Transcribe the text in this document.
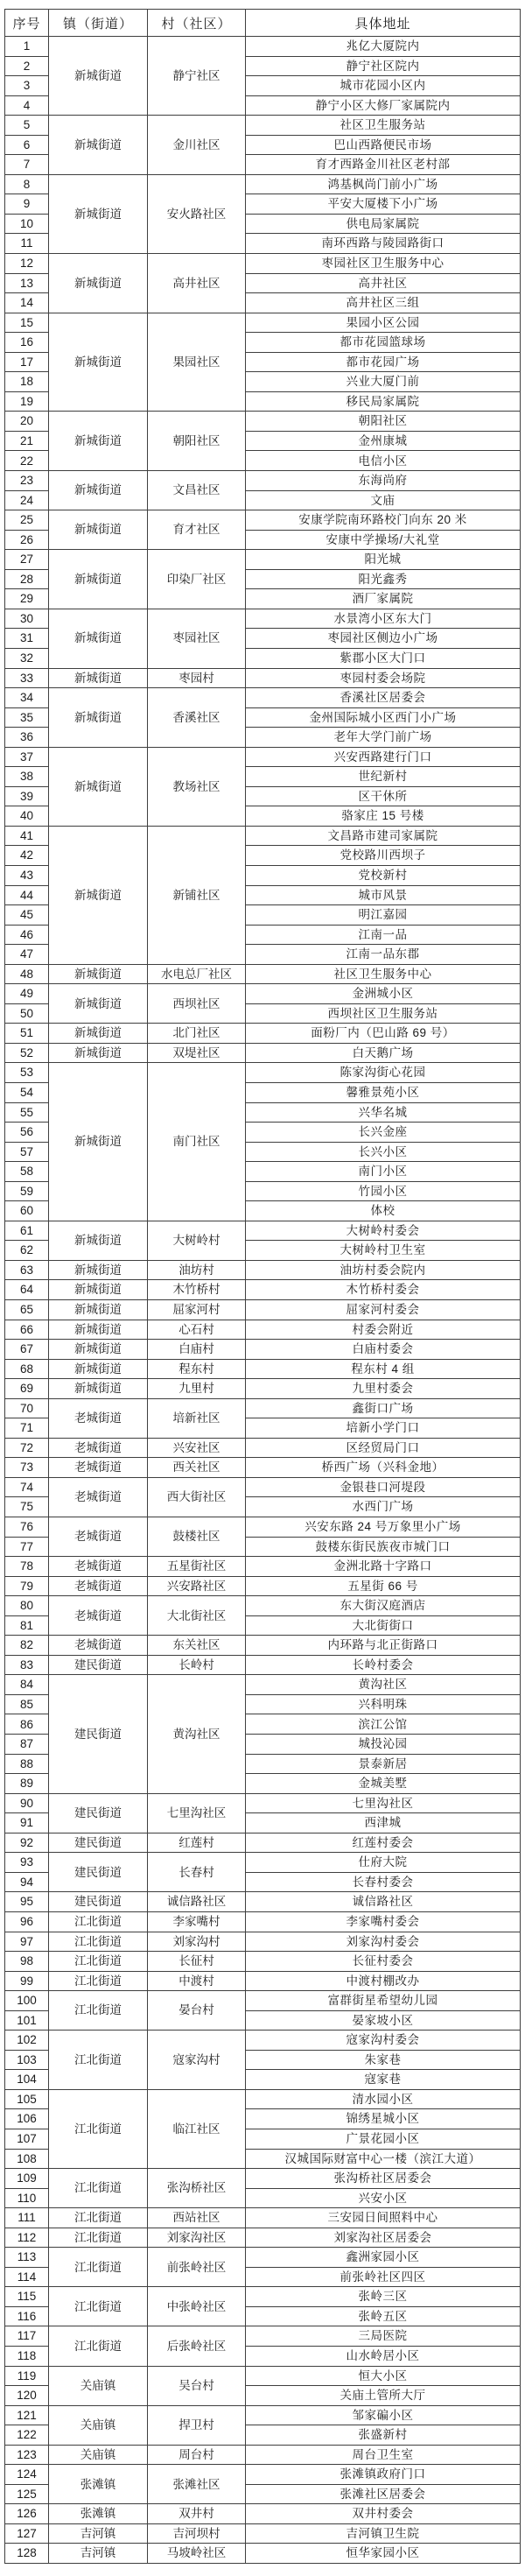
序号	镇（街道）	村（社区）	具体地址
1	新城街道	静宁社区	兆亿大厦院内
2			静宁社区院内
3			城市花园小区内
4			静宁小区大修厂家属院内
5	新城街道	金川社区	社区卫生服务站
6			巴山西路便民市场
7			育才西路金川社区老村部
8	新城街道	安火路社区	鸿基枫尚门前小广场
9			平安大厦楼下小广场
10			供电局家属院
11			南环西路与陵园路街口
12	新城街道	高井社区	枣园社区卫生服务中心
13			高井社区
14			高井社区三组
15	新城街道	果园社区	果园小区公园
16			都市花园篮球场
17			都市花园广场
18			兴业大厦门前
19			移民局家属院
20	新城街道	朝阳社区	朝阳社区
21			金州康城
22			电信小区
23	新城街道	文昌社区	东海尚府
24			文庙
25	新城街道	育才社区	安康学院南环路校门向东 20 米
26			安康中学操场/大礼堂
27	新城街道	印染厂社区	阳光城
28			阳光鑫秀
29			酒厂家属院
30	新城街道	枣园社区	水景湾小区东大门
31			枣园社区侧边小广场
32			紫郡小区大门口
33	新城街道	枣园村	枣园村委会场院
34	新城街道	香溪社区	香溪社区居委会
35			金州国际城小区西门小广场
36			老年大学门前广场
37	新城街道	教场社区	兴安西路建行门口
38			世纪新村
39			区干休所
40			骆家庄 15 号楼
41	新城街道	新铺社区	文昌路市建司家属院
42			党校路川西坝子
43			党校新村
44			城市风景
45			明江嘉园
46			江南一品
47			江南一品东郡
48	新城街道	水电总厂社区	社区卫生服务中心
49	新城街道	西坝社区	金洲城小区
50			西坝社区卫生服务站
51	新城街道	北门社区	面粉厂内（巴山路 69 号）
52	新城街道	双堤社区	白天鹅广场
53	新城街道	南门社区	陈家沟街心花园
54			馨雅景苑小区
55			兴华名城
56			长兴金座
57			长兴小区
58			南门小区
59			竹园小区
60			体校
61	新城街道	大树岭村	大树岭村委会
62			大树岭村卫生室
63	新城街道	油坊村	油坊村委会院内
64	新城街道	木竹桥村	木竹桥村委会
65	新城街道	屈家河村	屈家河村委会
66	新城街道	心石村	村委会附近
67	新城街道	白庙村	白庙村委会
68	新城街道	程东村	程东村 4 组
69	新城街道	九里村	九里村委会
70	老城街道	培新社区	鑫街口广场
71			培新小学门口
72	老城街道	兴安社区	区经贸局门口
73	老城街道	西关社区	桥西广场（兴科金地）
74	老城街道	西大街社区	金银巷口河堤段
75			水西门广场
76	老城街道	鼓楼社区	兴安东路 24 号万象里小广场
77			鼓楼东街民族夜市城门口
78	老城街道	五星街社区	金洲北路十字路口
79	老城街道	兴安路社区	五星街 66 号
80	老城街道	大北街社区	东大街汉庭酒店
81			大北街街口
82	老城街道	东关社区	内环路与北正街路口
83	建民街道	长岭村	长岭村委会
84	建民街道	黄沟社区	黄沟社区
85			兴科明珠
86			滨江公馆
87			城投沁园
88			景泰新居
89			金城美墅
90	建民街道	七里沟社区	七里沟社区
91			西津城
92	建民街道	红莲村	红莲村委会
93	建民街道	长春村	仕府大院
94			长春村委会
95	建民街道	诚信路社区	诚信路社区
96	江北街道	李家嘴村	李家嘴村委会
97	江北街道	刘家沟村	刘家沟村委会
98	江北街道	长征村	长征村委会
99	江北街道	中渡村	中渡村棚改办
100	江北街道	晏台村	富群街星希望幼儿园
101			晏家坡小区
102	江北街道	寇家沟村	寇家沟村委会
103			朱家巷
104			寇家巷
105	江北街道	临江社区	清水园小区
106			锦绣星城小区
107			广景花园小区
108			汉城国际财富中心一楼（滨江大道）
109	江北街道	张沟桥社区	张沟桥社区居委会
110			兴安小区
111	江北街道	西站社区	三安园日间照料中心
112	江北街道	刘家沟社区	刘家沟社区居委会
113	江北街道	前张岭社区	鑫洲家园小区
114			前张岭社区四区
115	江北街道	中张岭社区	张岭三区
116			张岭五区
117	江北街道	后张岭社区	三局医院
118			山水岭居小区
119	关庙镇	吴台村	恒大小区
120			关庙土管所大厅
121	关庙镇	捍卫村	邹家碥小区
122			张盛新村
123	关庙镇	周台村	周台卫生室
124	张滩镇	张滩社区	张滩镇政府门口
125			张滩社区居委会
126	张滩镇	双井村	双井村委会
127	吉河镇	吉河坝村	吉河镇卫生院
128	吉河镇	马坡岭社区	恒华家园小区
